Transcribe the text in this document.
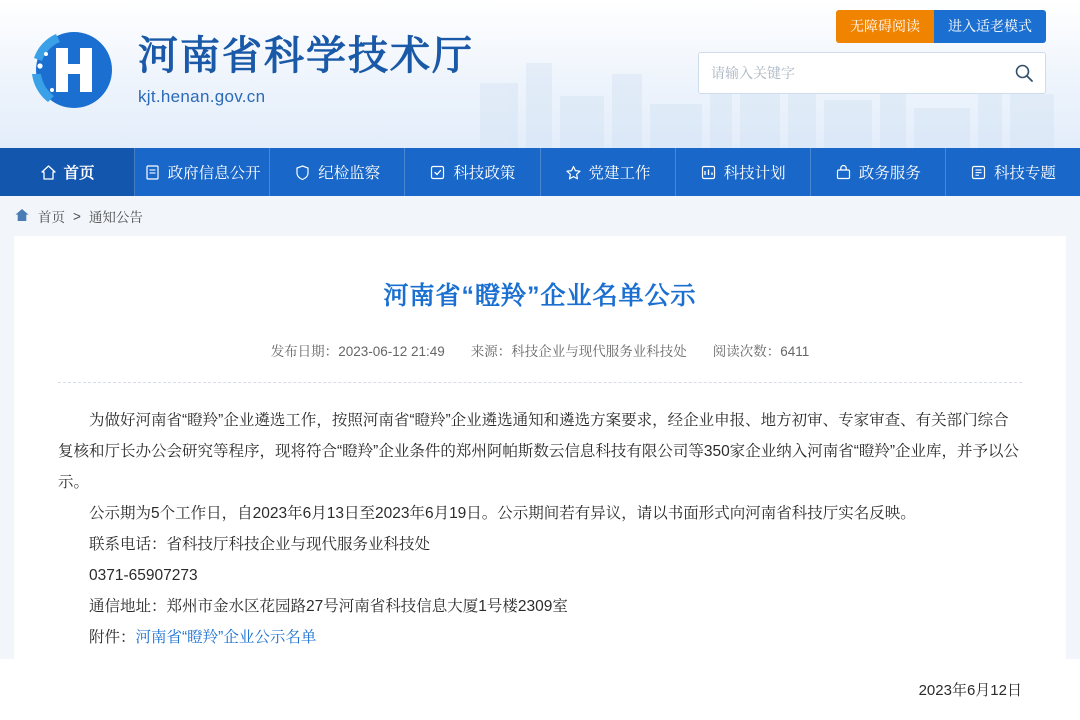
河南省科学技术厅
kjt.henan.gov.cn
无障碍阅读	进入适老模式
请输入关键字
首页	政府信息公开	纪检监察	科技政策	党建工作	科技计划	政务服务	科技专题
首页 > 通知公告
河南省“瞪羚”企业名单公示
发布日期：2023-06-12 21:49 来源：科技企业与现代服务业科技处 阅读次数：6411

为做好河南省“瞪羚”企业遴选工作，按照河南省“瞪羚”企业遴选通知和遴选方案要求，经企业申报、地方初审、专家审查、有关部门综合复核和厅长办公会研究等程序，现将符合“瞪羚”企业条件的郑州阿帕斯数云信息科技有限公司等350家企业纳入河南省“瞪羚”企业库，并予以公示。

公示期为5个工作日，自2023年6月13日至2023年6月19日。公示期间若有异议，请以书面形式向河南省科技厅实名反映。

联系电话：省科技厅科技企业与现代服务业科技处

0371-65907273

通信地址：郑州市金水区花园路27号河南省科技信息大厦1号楼2309室

附件：河南省“瞪羚”企业公示名单

2023年6月12日
